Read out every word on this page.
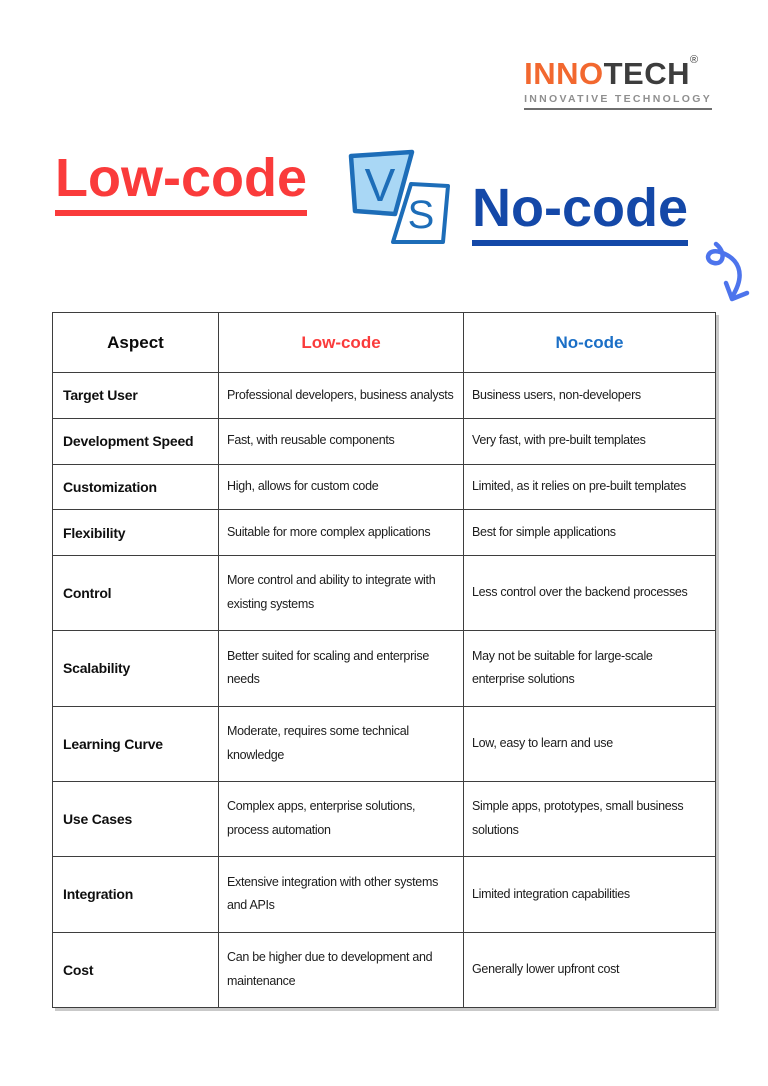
INNOTECH®
INNOVATIVE TECHNOLOGY
Low-code V
S No-code
Aspect	Low-code	No-code
Target User	Professional developers, business analysts	Business users, non-developers
Development Speed	Fast, with reusable components	Very fast, with pre-built templates
Customization	High, allows for custom code	Limited, as it relies on pre-built templates
Flexibility	Suitable for more complex applications	Best for simple applications
Control	More control and ability to integrate with existing systems	Less control over the backend processes
Scalability	Better suited for scaling and enterprise needs	May not be suitable for large-scale enterprise solutions
Learning Curve	Moderate, requires some technical knowledge	Low, easy to learn and use
Use Cases	Complex apps, enterprise solutions, process automation	Simple apps, prototypes, small business solutions
Integration	Extensive integration with other systems and APIs	Limited integration capabilities
Cost	Can be higher due to development and maintenance	Generally lower upfront cost
